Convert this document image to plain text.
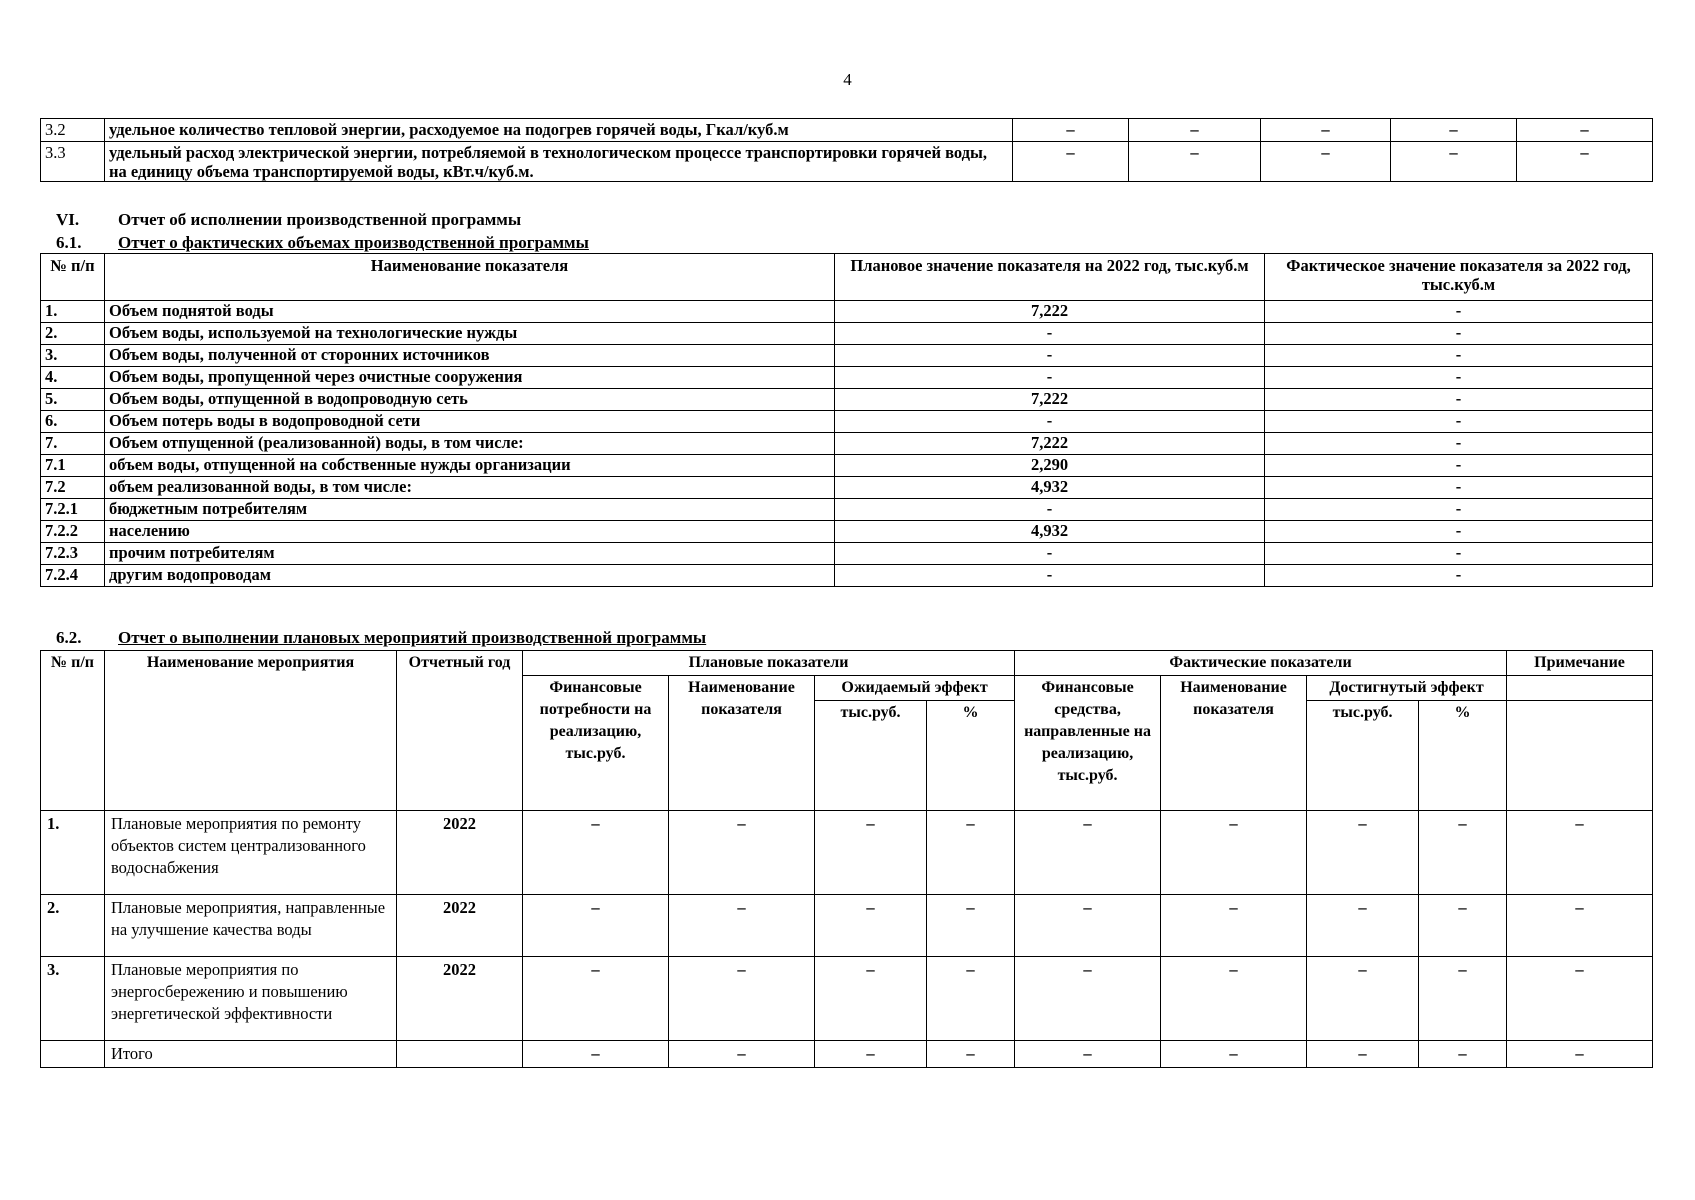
4
3.2	удельное количество тепловой энергии, расходуемое на подогрев горячей воды, Гкал/куб.м	–	–	–	–	–
3.3	удельный расход электрической энергии, потребляемой в технологическом процессе транспортировки горячей воды, на единицу объема транспортируемой воды, кВт.ч/куб.м.	–	–	–	–	–
VI. Отчет об исполнении производственной программы
6.1. Отчет о фактических объемах производственной программы
№ п/п	Наименование показателя	Плановое значение показателя на 2022 год, тыс.куб.м	Фактическое значение показателя за 2022 год, тыс.куб.м
1.	Объем поднятой воды	7,222	-
2.	Объем воды, используемой на технологические нужды	-	-
3.	Объем воды, полученной от сторонних источников	-	-
4.	Объем воды, пропущенной через очистные сооружения	-	-
5.	Объем воды, отпущенной в водопроводную сеть	7,222	-
6.	Объем потерь воды в водопроводной сети	-	-
7.	Объем отпущенной (реализованной) воды, в том числе:	7,222	-
7.1	объем воды, отпущенной на собственные нужды организации	2,290	-
7.2	объем реализованной воды, в том числе:	4,932	-
7.2.1	бюджетным потребителям	-	-
7.2.2	населению	4,932	-
7.2.3	прочим потребителям	-	-
7.2.4	другим водопроводам	-	-
6.2. Отчет о выполнении плановых мероприятий производственной программы
№ п/п	Наименование мероприятия	Отчетный год	Плановые показатели				Фактические показатели				Примечание
			Финансовые потребности на реализацию, тыс.руб.	Наименование показателя	Ожидаемый эффект		Финансовые средства, направленные на реализацию, тыс.руб.	Наименование показателя	Достигнутый эффект		
					тыс.руб.	%			тыс.руб.	%	
1.	Плановые мероприятия по ремонту объектов систем централизованного водоснабжения	2022	–	–	–	–	–	–	–	–	–
2.	Плановые мероприятия, направленные на улучшение качества воды	2022	–	–	–	–	–	–	–	–	–
3.	Плановые мероприятия по энергосбережению и повышению энергетической эффективности	2022	–	–	–	–	–	–	–	–	–
	Итого		–	–	–	–	–	–	–	–	–
